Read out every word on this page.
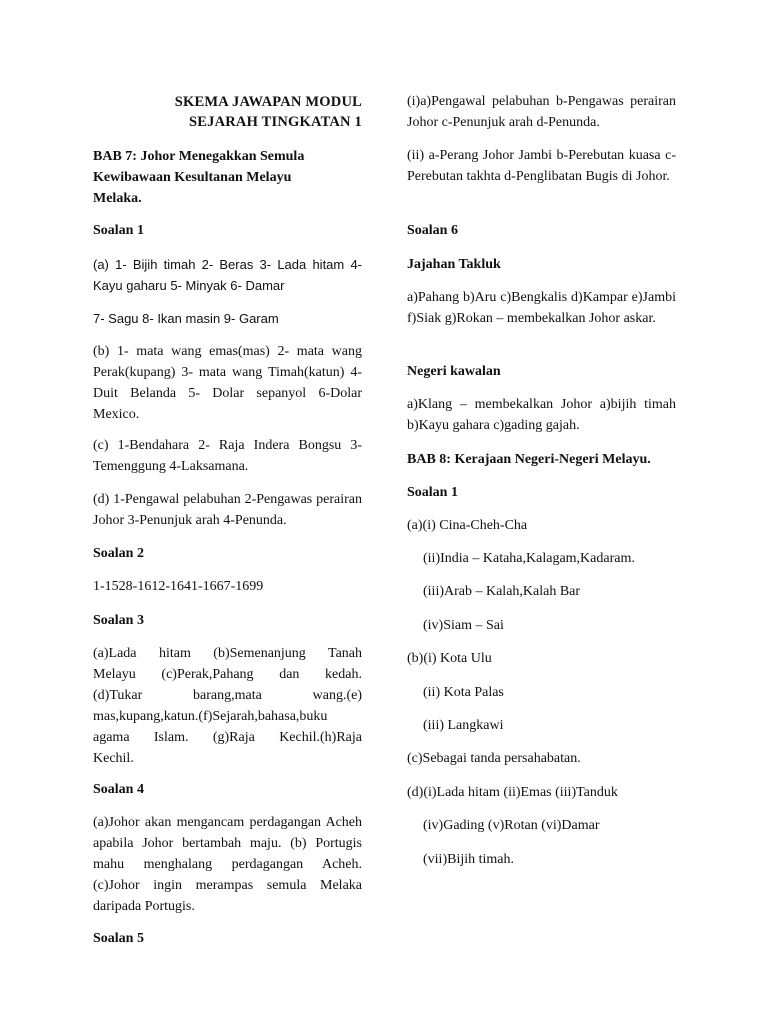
SKEMA JAWAPAN MODUL
SEJARAH TINGKATAN 1
BAB 7: Johor Menegakkan Semula
Kewibawaan Kesultanan Melayu
Melaka.
Soalan 1
(a) 1- Bijih timah 2- Beras 3- Lada hitam 4- Kayu gaharu 5- Minyak 6- Damar
7- Sagu 8- Ikan masin 9- Garam
(b) 1- mata wang emas(mas) 2- mata wang Perak(kupang) 3- mata wang Timah(katun) 4- Duit Belanda 5- Dolar sepanyol 6-Dolar Mexico.
(c) 1-Bendahara 2- Raja Indera Bongsu 3- Temenggung 4-Laksamana.
(d) 1-Pengawal pelabuhan 2-Pengawas perairan Johor 3-Penunjuk arah 4-Penunda.
Soalan 2
1-1528-1612-1641-1667-1699
Soalan 3
(a)Lada hitam (b)Semenanjung Tanah
Melayu (c)Perak,Pahang dan kedah.
(d)Tukar barang,mata wang.(e)
mas,kupang,katun.(f)Sejarah,bahasa,buku
agama Islam. (g)Raja Kechil.(h)Raja
Kechil.
Soalan 4
(a)Johor akan mengancam perdagangan Acheh apabila Johor bertambah maju. (b) Portugis mahu menghalang perdagangan Acheh. (c)Johor ingin merampas semula Melaka daripada Portugis.
Soalan 5
(i)a)Pengawal pelabuhan b-Pengawas perairan Johor c-Penunjuk arah d-Penunda.
(ii) a-Perang Johor Jambi b-Perebutan kuasa c- Perebutan takhta d-Penglibatan Bugis di Johor.
Soalan 6
Jajahan Takluk
a)Pahang b)Aru c)Bengkalis d)Kampar e)Jambi f)Siak g)Rokan – membekalkan Johor askar.
Negeri kawalan
a)Klang – membekalkan Johor a)bijih timah b)Kayu gahara c)gading gajah.
BAB 8: Kerajaan Negeri-Negeri Melayu.
Soalan 1
(a)(i) Cina-Cheh-Cha
(ii)India – Kataha,Kalagam,Kadaram.
(iii)Arab – Kalah,Kalah Bar
(iv)Siam – Sai
(b)(i) Kota Ulu
(ii) Kota Palas
(iii) Langkawi
(c)Sebagai tanda persahabatan.
(d)(i)Lada hitam (ii)Emas (iii)Tanduk
(iv)Gading (v)Rotan (vi)Damar
(vii)Bijih timah.
